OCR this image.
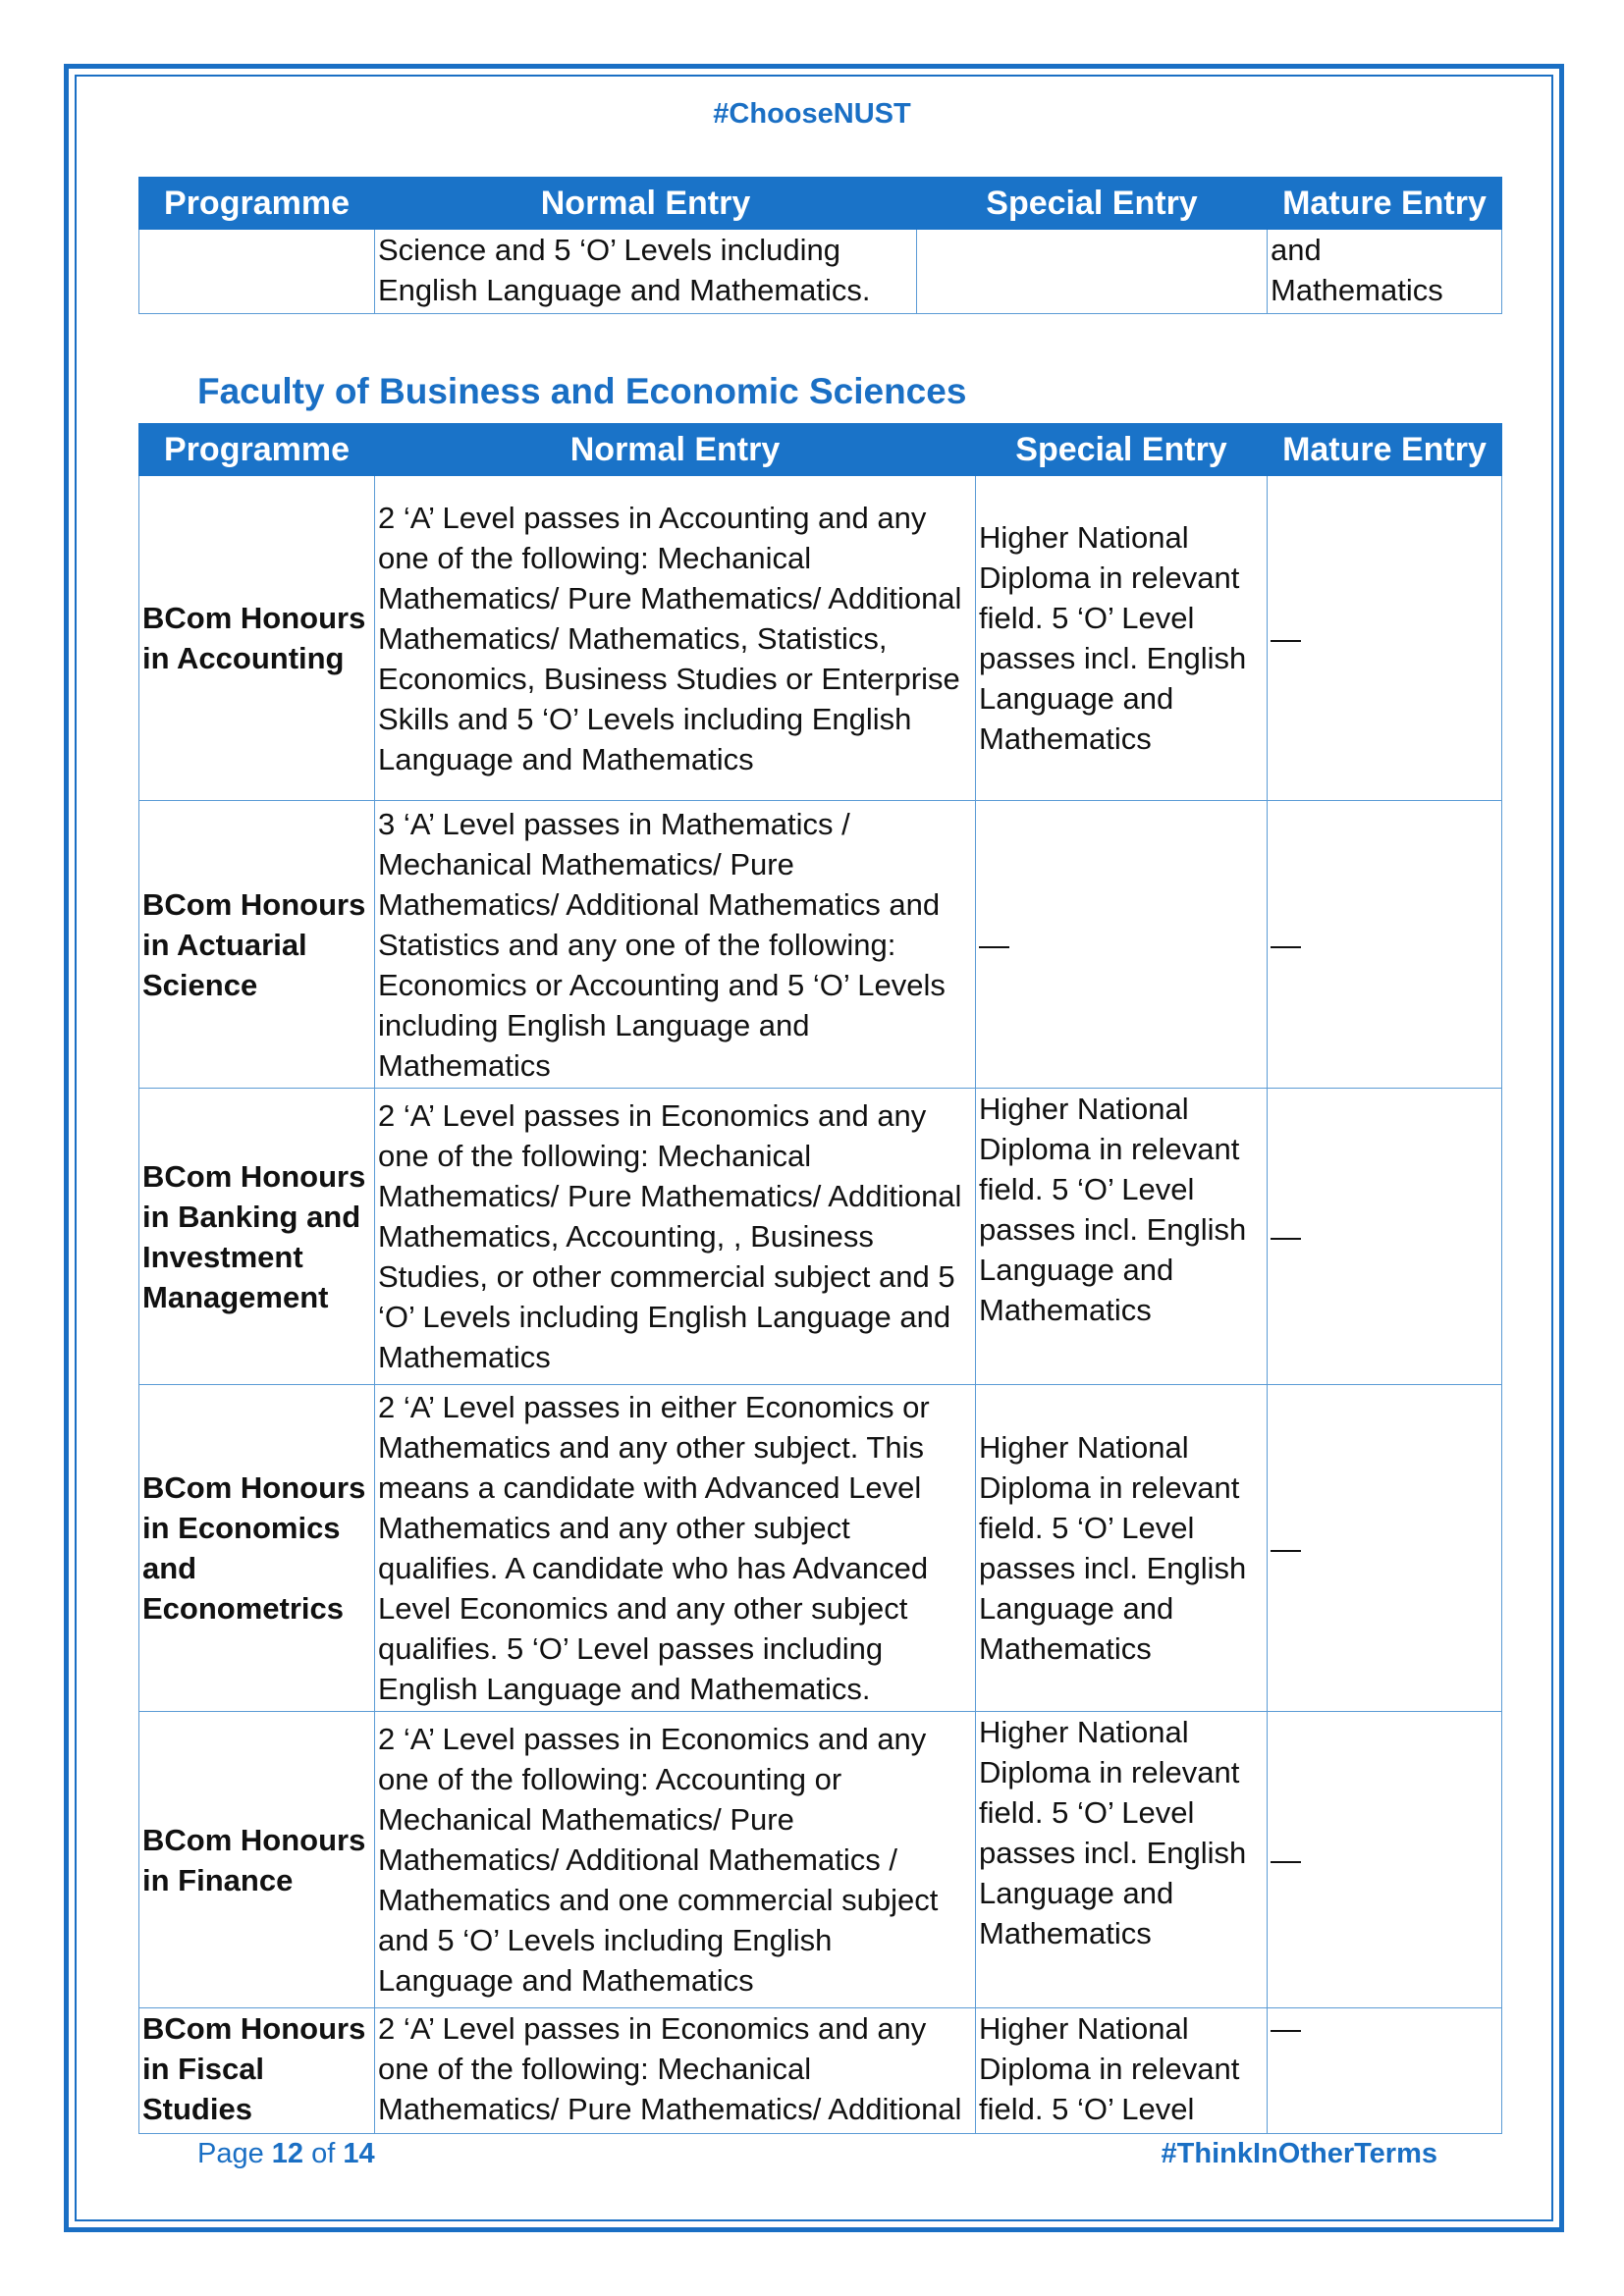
#ChooseNUST
Programme	Normal Entry	Special Entry	Mature Entry
	Science and 5 ‘O’ Levels including English Language and Mathematics.		and Mathematics
Faculty of Business and Economic Sciences
Programme	Normal Entry	Special Entry	Mature Entry
BCom Honours in Accounting	2 ‘A’ Level passes in Accounting and any one of the following: Mechanical Mathematics/ Pure Mathematics/ Additional Mathematics/ Mathematics, Statistics, Economics, Business Studies or Enterprise Skills and 5 ‘O’ Levels including English Language and Mathematics	Higher National Diploma in relevant field. 5 ‘O’ Level passes incl. English Language and Mathematics	—
BCom Honours in Actuarial Science	3 ‘A’ Level passes in Mathematics / Mechanical Mathematics/ Pure Mathematics/ Additional Mathematics and Statistics and any one of the following: Economics or Accounting and 5 ‘O’ Levels including English Language and Mathematics	—	—
BCom Honours in Banking and Investment Management	2 ‘A’ Level passes in Economics and any one of the following: Mechanical Mathematics/ Pure Mathematics/ Additional Mathematics, Accounting, , Business Studies, or other commercial subject and 5 ‘O’ Levels including English Language and Mathematics	Higher National Diploma in relevant field. 5 ‘O’ Level passes incl. English Language and Mathematics	—
BCom Honours in Economics and Econometrics	2 ‘A’ Level passes in either Economics or Mathematics and any other subject. This means a candidate with Advanced Level Mathematics and any other subject qualifies. A candidate who has Advanced Level Economics and any other subject qualifies. 5 ‘O’ Level passes including English Language and Mathematics.	Higher National Diploma in relevant field. 5 ‘O’ Level passes incl. English Language and Mathematics	—
BCom Honours in Finance	2 ‘A’ Level passes in Economics and any one of the following: Accounting or Mechanical Mathematics/ Pure Mathematics/ Additional Mathematics / Mathematics and one commercial subject and 5 ‘O’ Levels including English Language and Mathematics	Higher National Diploma in relevant field. 5 ‘O’ Level passes incl. English Language and Mathematics	—
BCom Honours in Fiscal Studies	2 ‘A’ Level passes in Economics and any one of the following: Mechanical Mathematics/ Pure Mathematics/ Additional	Higher National Diploma in relevant field. 5 ‘O’ Level	—
Page 12 of 14	#ThinkInOtherTerms
